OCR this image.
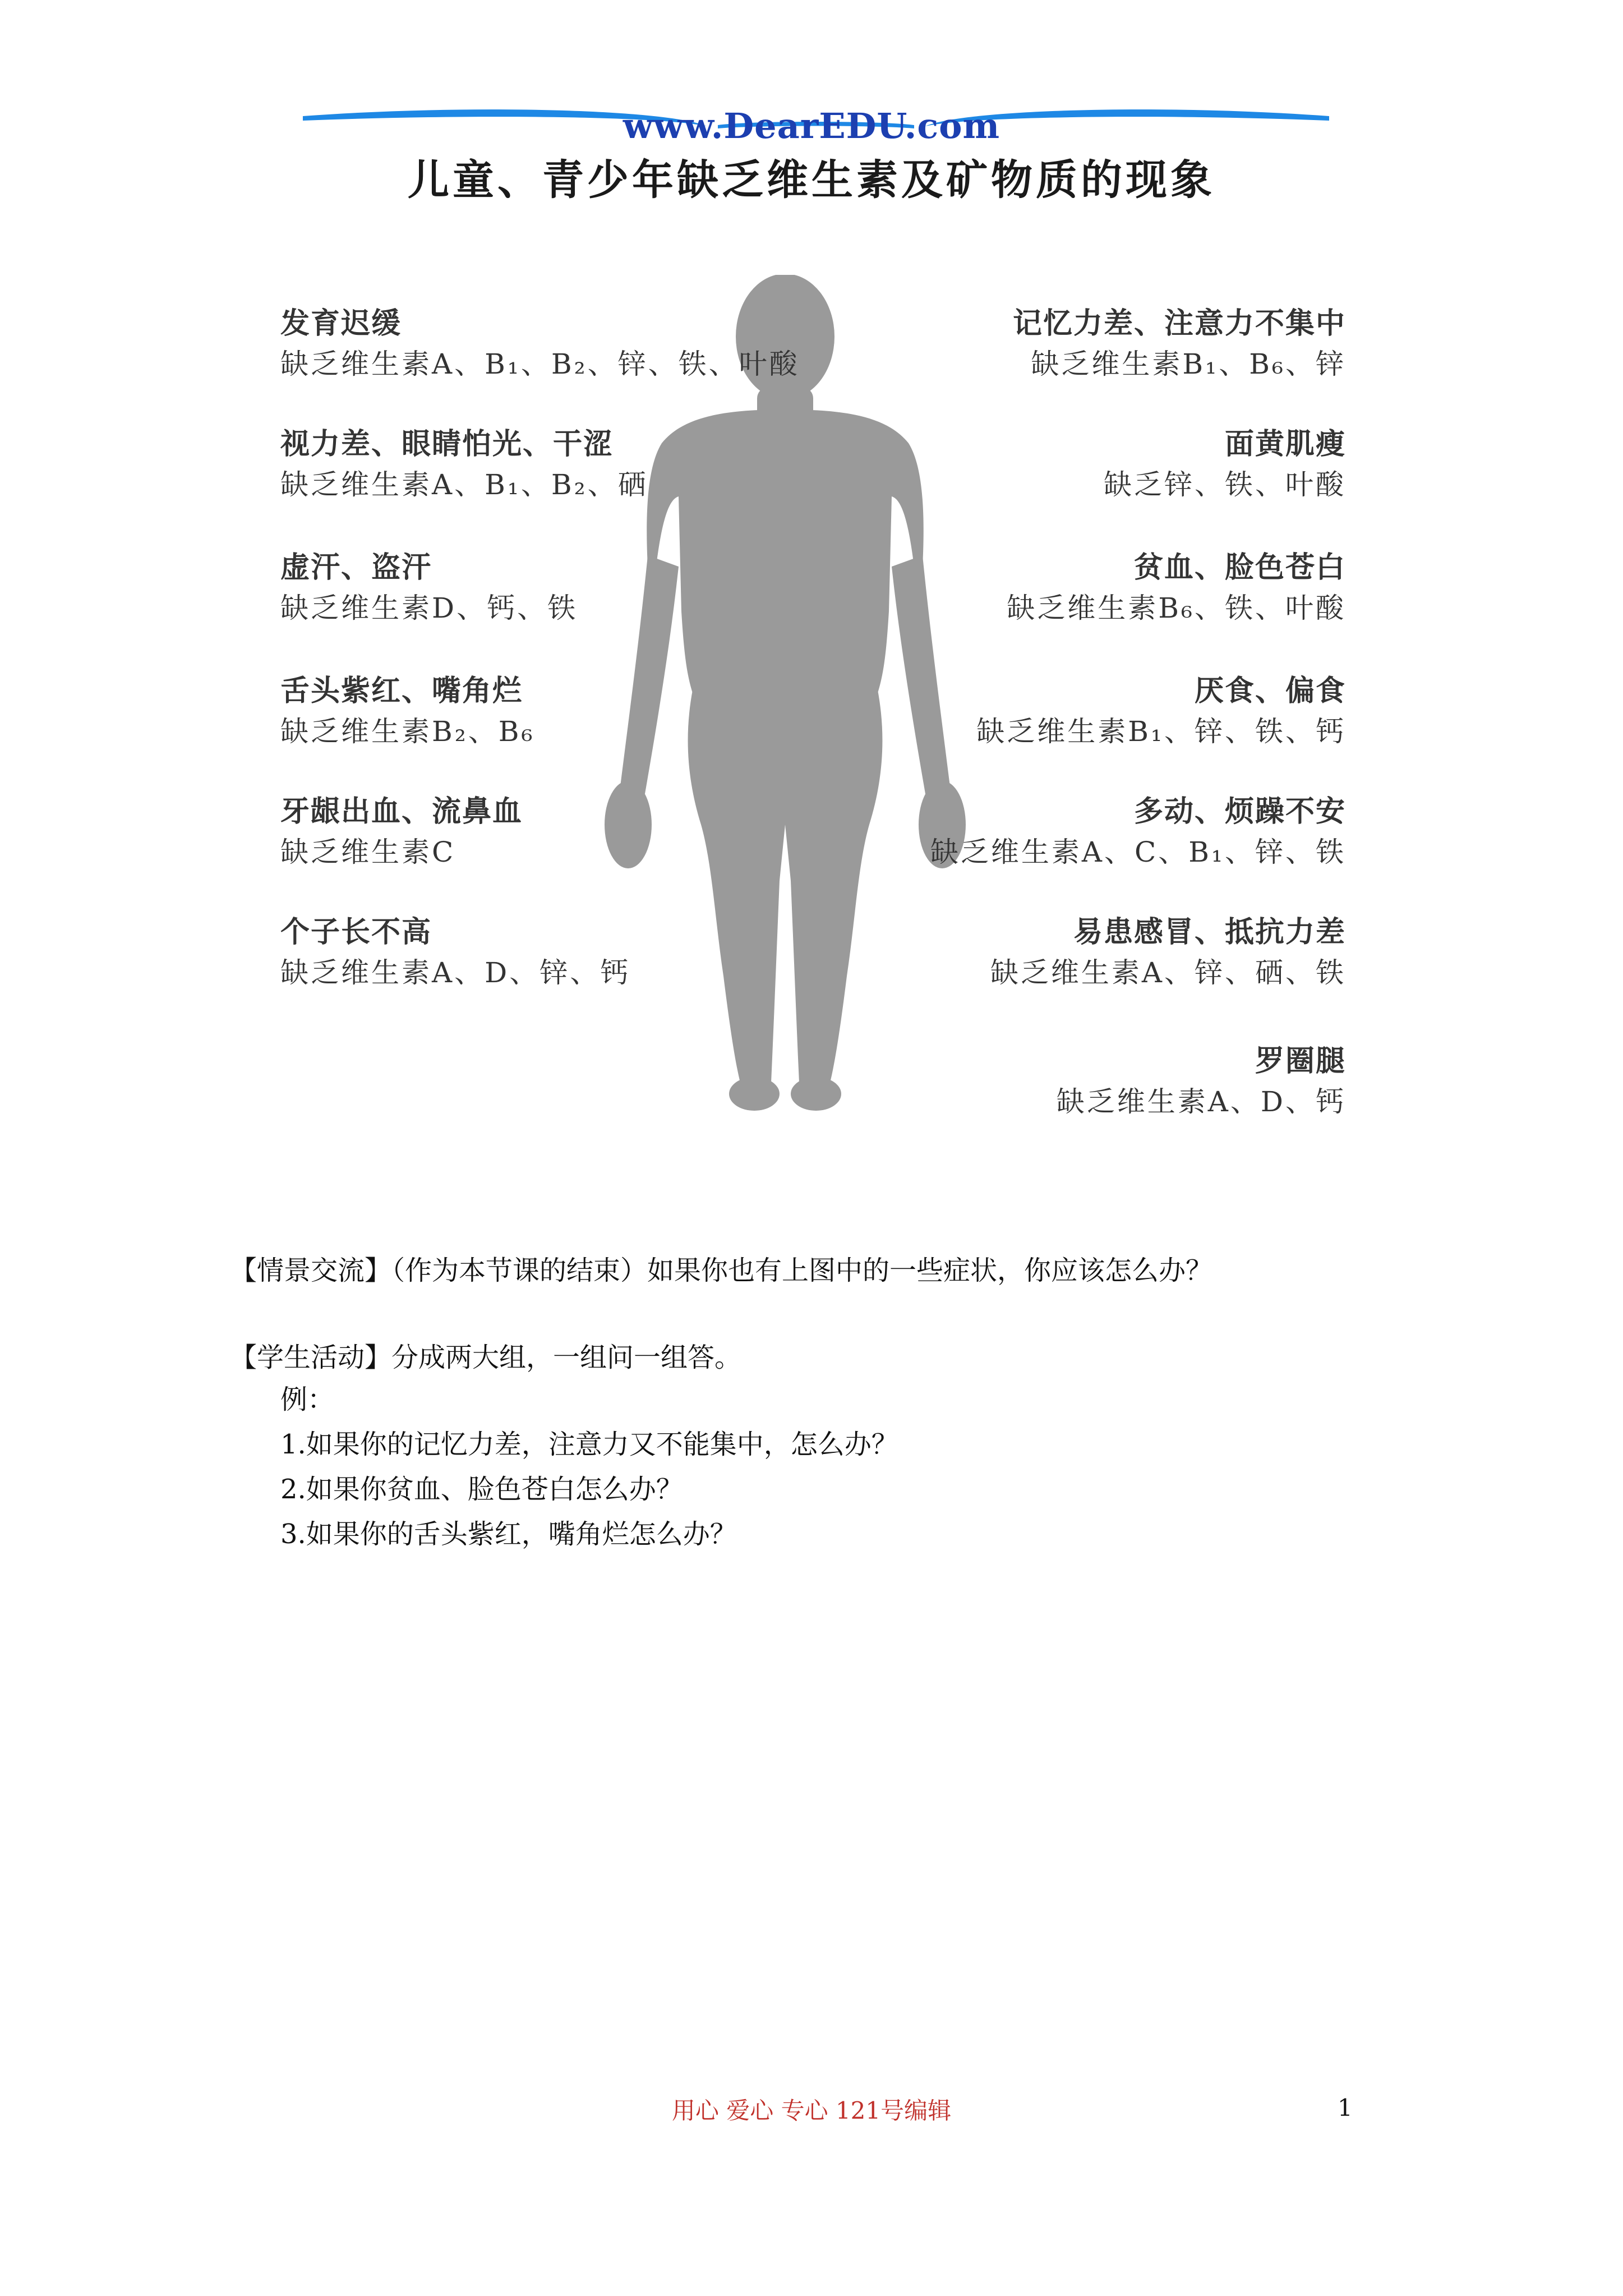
www.DearEDU.com
儿童、青少年缺乏维生素及矿物质的现象
发育迟缓
缺乏维生素A、B₁、B₂、锌、铁、叶酸
视力差、眼睛怕光、干涩
缺乏维生素A、B₁、B₂、硒
虚汗、盗汗
缺乏维生素D、钙、铁
舌头紫红、嘴角烂
缺乏维生素B₂、B₆
牙龈出血、流鼻血
缺乏维生素C
个子长不高
缺乏维生素A、D、锌、钙
记忆力差、注意力不集中
缺乏维生素B₁、B₆、锌
面黄肌瘦
缺乏锌、铁、叶酸
贫血、脸色苍白
缺乏维生素B₆、铁、叶酸
厌食、偏食
缺乏维生素B₁、锌、铁、钙
多动、烦躁不安
缺乏维生素A、C、B₁、锌、铁
易患感冒、抵抗力差
缺乏维生素A、锌、硒、铁
罗圈腿
缺乏维生素A、D、钙
【情景交流】（作为本节课的结束）如果你也有上图中的一些症状，你应该怎么办？
【学生活动】分成两大组，一组问一组答。
例：
1.如果你的记忆力差，注意力又不能集中，怎么办？
2.如果你贫血、脸色苍白怎么办？
3.如果你的舌头紫红，嘴角烂怎么办？
用心 爱心 专心 121号编辑	1
